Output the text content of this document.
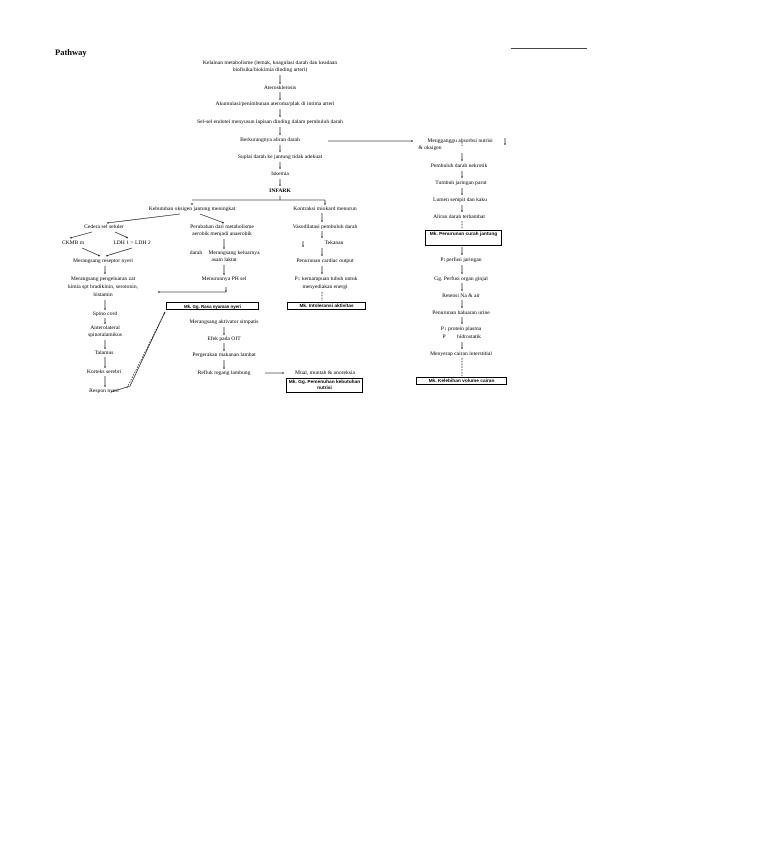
Pathway
Kelainan metabolisme (lemak, koagulasi darah dan keadaan
biofisika/biokimia dinding arteri)
Aterosklerosis
Akumulasi/penimbunan ateroma/plak di intima arteri
Sel-sel endotel menyusun lapisan dinding dalam pembuluh darah
Berkurangnya aliran darah
Suplai darah ke jantung tidak adekuat
Iskemia
INFARK
Kebutuhan oksigen jantung meningkat	Kontraksi miokard menurun
Cedera sel seluler	Perubahan dari metabolisme
aerobik menjadi anaerobik
Vasodilatasi pembuluh darah
CKMB m	LDH 1 > LDH 2	Tekanan
darah Merangsang keluarnya
asam laktat
Merangsang reseptor nyeri	Penurunan cardiac output
Menurunnya PH sel
Merangsang pengeluaran zat
kimia spt bradikinin, serotonin,
histamin
P↓ kemampuan tubuh untuk
menyediakan energi
Mk. Gg. Rasa nyaman nyeri	Mk. Intoleransi aktivitas
Spino cord
Anterolateral
spinotalamikus
Merangsang aktivator simpatis
Talamus
Efek pada OIT
Pergerakan makanan lambat
Korteks serebri	Refluk regang lambung	Mual, muntah & anoreksia
Respon nyeri
Mk. Gg. Pemenuhan kebutuhan nutrisi
Mengganggu absorbsi nutrisi
& oksigen
Pembuluh darah nekrotik
Tumbuh jaringan parut
Lumen sempit dan kaku
Aliran darah terhambat
Mk. Penurunan curah jantung
P↓perfusi jaringan
Gg. Perfusi organ ginjal
Retensi Na & air
Penurunan haluaran urine
P↓ protein plasma
P hidrostatik
Menyerap cairan interstitial
Mk. Kelebihan volume cairan
